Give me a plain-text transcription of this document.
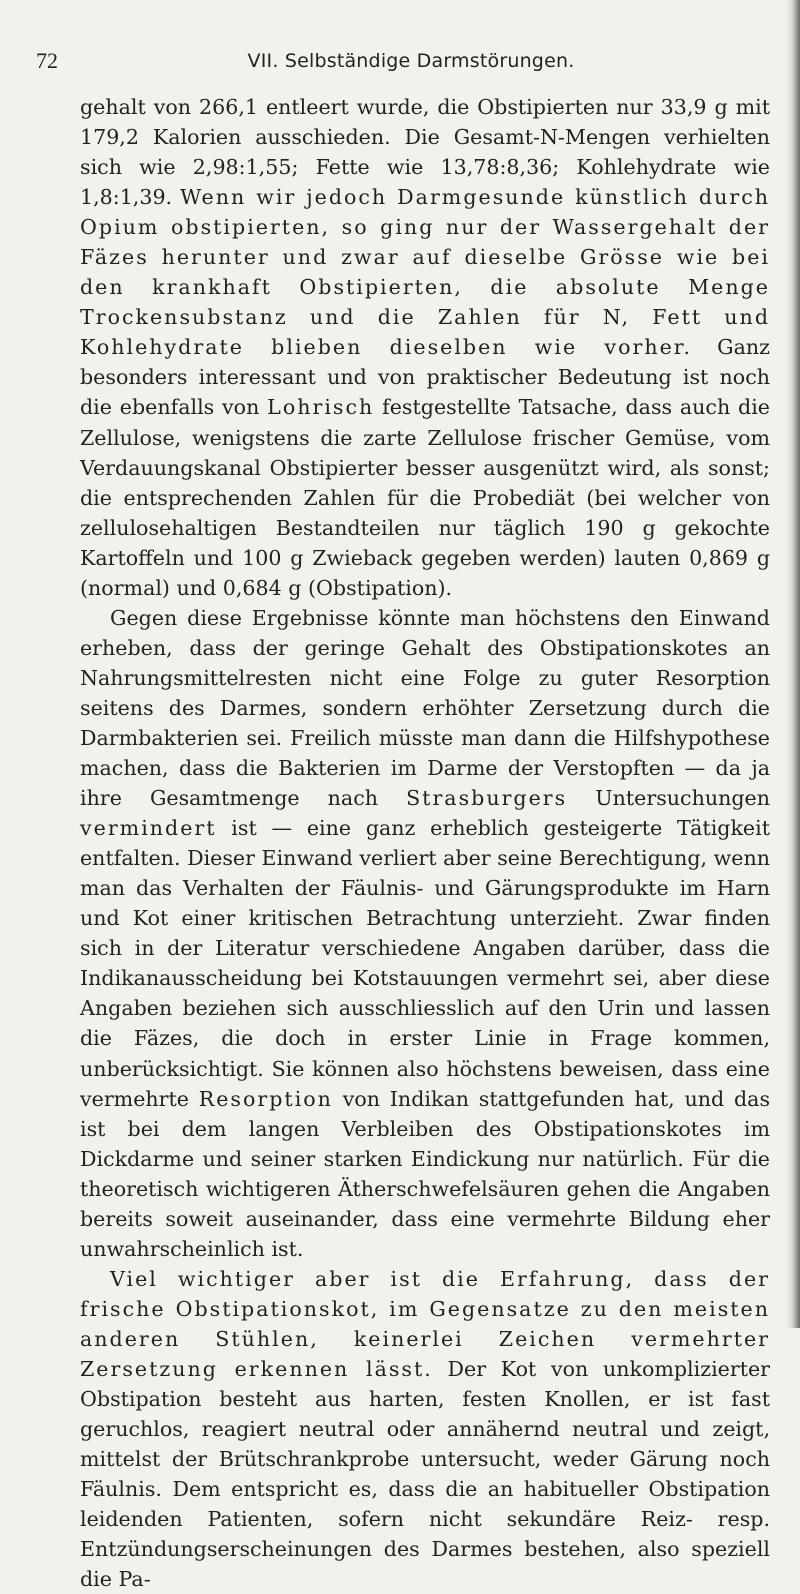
72	VII. Selbständige Darmstörungen.

gehalt von 266,1 entleert wurde, die Obstipierten nur 33,9 g mit 179,2 Kalorien ausschieden. Die Gesamt-N-Mengen verhielten sich wie 2,98:1,55; Fette wie 13,78:8,36; Kohlehydrate wie 1,8:1,39. Wenn wir jedoch Darmgesunde künstlich durch Opium obstipierten, so ging nur der Wassergehalt der Fäzes herunter und zwar auf dieselbe Grösse wie bei den krankhaft Obstipierten, die absolute Menge Trockensubstanz und die Zahlen für N, Fett und Kohlehydrate blieben dieselben wie vorher. Ganz besonders interessant und von praktischer Bedeutung ist noch die ebenfalls von Lohrisch festgestellte Tatsache, dass auch die Zellulose, wenigstens die zarte Zellulose frischer Gemüse, vom Verdauungskanal Obstipierter besser ausgenützt wird, als sonst; die entsprechenden Zahlen für die Probediät (bei welcher von zellulosehaltigen Bestandteilen nur täglich 190 g gekochte Kartoffeln und 100 g Zwieback gegeben werden) lauten 0,869 g (normal) und 0,684 g (Obstipation).

Gegen diese Ergebnisse könnte man höchstens den Einwand erheben, dass der geringe Gehalt des Obstipationskotes an Nahrungsmittelresten nicht eine Folge zu guter Resorption seitens des Darmes, sondern erhöhter Zersetzung durch die Darmbakterien sei. Freilich müsste man dann die Hilfshypothese machen, dass die Bakterien im Darme der Verstopften — da ja ihre Gesamtmenge nach Strasburgers Untersuchungen vermindert ist — eine ganz erheblich gesteigerte Tätigkeit entfalten. Dieser Einwand verliert aber seine Berechtigung, wenn man das Verhalten der Fäulnis- und Gärungsprodukte im Harn und Kot einer kritischen Betrachtung unterzieht. Zwar finden sich in der Literatur verschiedene Angaben darüber, dass die Indikanausscheidung bei Kotstauungen vermehrt sei, aber diese Angaben beziehen sich ausschliesslich auf den Urin und lassen die Fäzes, die doch in erster Linie in Frage kommen, unberücksichtigt. Sie können also höchstens beweisen, dass eine vermehrte Resorption von Indikan stattgefunden hat, und das ist bei dem langen Verbleiben des Obstipationskotes im Dickdarme und seiner starken Eindickung nur natürlich. Für die theoretisch wichtigeren Ätherschwefelsäuren gehen die Angaben bereits soweit auseinander, dass eine vermehrte Bildung eher unwahrscheinlich ist.

Viel wichtiger aber ist die Erfahrung, dass der frische Obstipationskot, im Gegensatze zu den meisten anderen Stühlen, keinerlei Zeichen vermehrter Zersetzung erkennen lässt. Der Kot von unkomplizierter Obstipation besteht aus harten, festen Knollen, er ist fast geruchlos, reagiert neutral oder annähernd neutral und zeigt, mittelst der Brütschrankprobe untersucht, weder Gärung noch Fäulnis. Dem entspricht es, dass die an habitueller Obstipation leidenden Patienten, sofern nicht sekundäre Reiz- resp. Entzündungserscheinungen des Darmes bestehen, also speziell die Pa-
